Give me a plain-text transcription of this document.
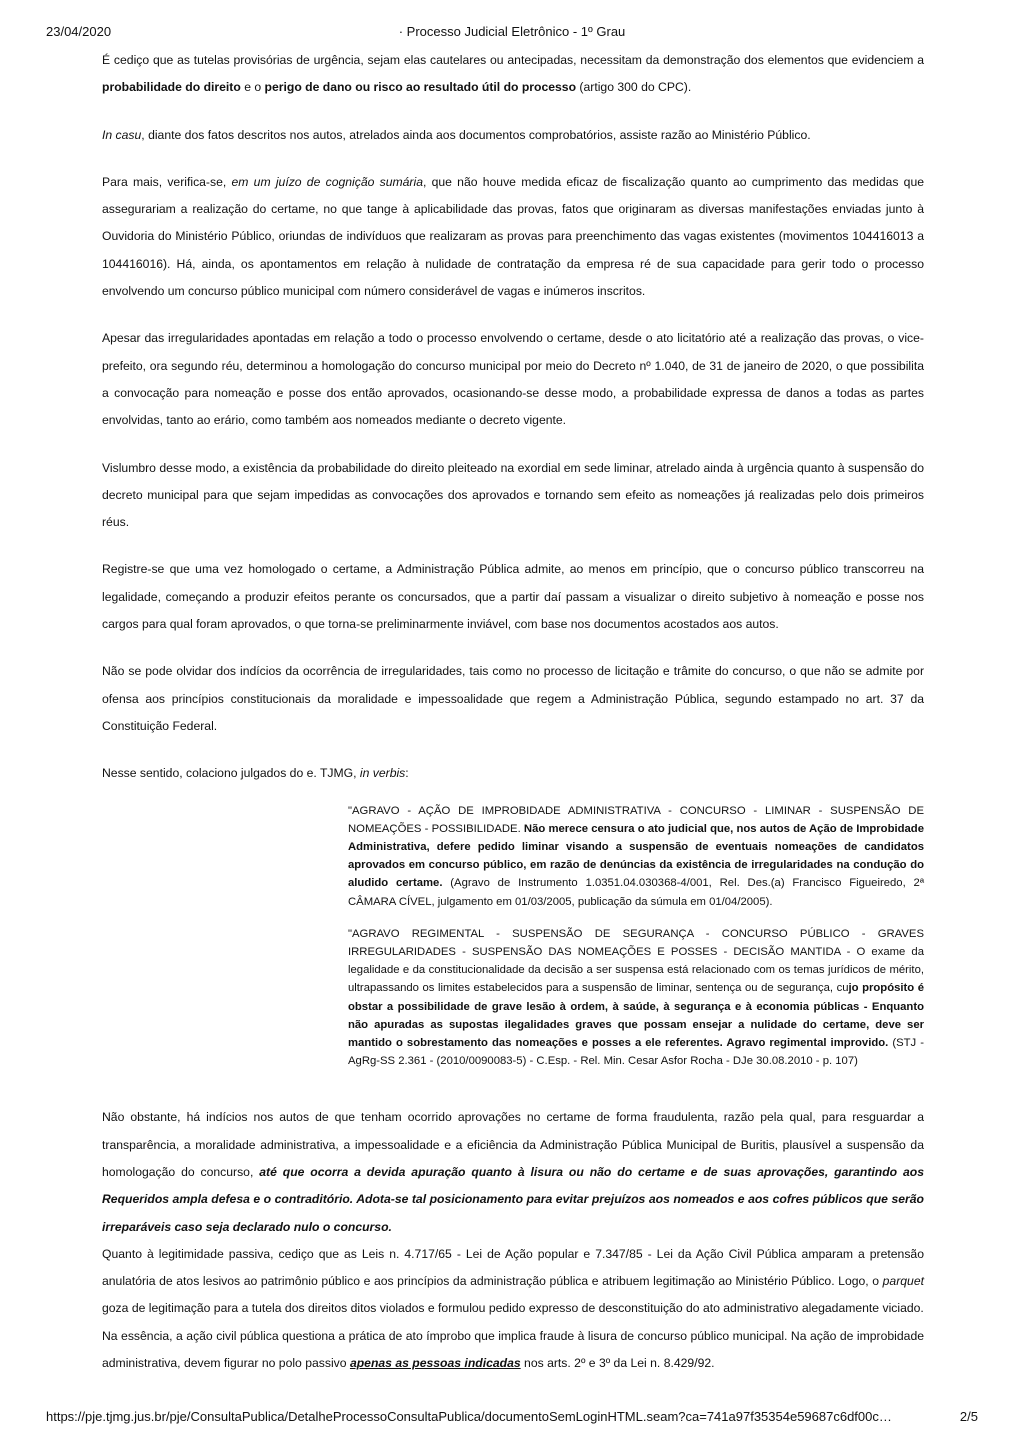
23/04/2020	· Processo Judicial Eletrônico - 1º Grau

É cediço que as tutelas provisórias de urgência, sejam elas cautelares ou antecipadas, necessitam da demonstração dos elementos que evidenciem a probabilidade do direito e o perigo de dano ou risco ao resultado útil do processo (artigo 300 do CPC).

In casu, diante dos fatos descritos nos autos, atrelados ainda aos documentos comprobatórios, assiste razão ao Ministério Público.

Para mais, verifica-se, em um juízo de cognição sumária, que não houve medida eficaz de fiscalização quanto ao cumprimento das medidas que assegurariam a realização do certame, no que tange à aplicabilidade das provas, fatos que originaram as diversas manifestações enviadas junto à Ouvidoria do Ministério Público, oriundas de indivíduos que realizaram as provas para preenchimento das vagas existentes (movimentos 104416013 a 104416016). Há, ainda, os apontamentos em relação à nulidade de contratação da empresa ré de sua capacidade para gerir todo o processo envolvendo um concurso público municipal com número considerável de vagas e inúmeros inscritos.

Apesar das irregularidades apontadas em relação a todo o processo envolvendo o certame, desde o ato licitatório até a realização das provas, o vice-prefeito, ora segundo réu, determinou a homologação do concurso municipal por meio do Decreto nº 1.040, de 31 de janeiro de 2020, o que possibilita a convocação para nomeação e posse dos então aprovados, ocasionando-se desse modo, a probabilidade expressa de danos a todas as partes envolvidas, tanto ao erário, como também aos nomeados mediante o decreto vigente.

Vislumbro desse modo, a existência da probabilidade do direito pleiteado na exordial em sede liminar, atrelado ainda à urgência quanto à suspensão do decreto municipal para que sejam impedidas as convocações dos aprovados e tornando sem efeito as nomeações já realizadas pelo dois primeiros réus.

Registre-se que uma vez homologado o certame, a Administração Pública admite, ao menos em princípio, que o concurso público transcorreu na legalidade, começando a produzir efeitos perante os concursados, que a partir daí passam a visualizar o direito subjetivo à nomeação e posse nos cargos para qual foram aprovados, o que torna-se preliminarmente inviável, com base nos documentos acostados aos autos.

Não se pode olvidar dos indícios da ocorrência de irregularidades, tais como no processo de licitação e trâmite do concurso, o que não se admite por ofensa aos princípios constitucionais da moralidade e impessoalidade que regem a Administração Pública, segundo estampado no art. 37 da Constituição Federal.

Nesse sentido, colaciono julgados do e. TJMG, in verbis:

"AGRAVO - AÇÃO DE IMPROBIDADE ADMINISTRATIVA - CONCURSO - LIMINAR - SUSPENSÃO DE NOMEAÇÕES - POSSIBILIDADE. Não merece censura o ato judicial que, nos autos de Ação de Improbidade Administrativa, defere pedido liminar visando a suspensão de eventuais nomeações de candidatos aprovados em concurso público, em razão de denúncias da existência de irregularidades na condução do aludido certame. (Agravo de Instrumento 1.0351.04.030368-4/001, Rel. Des.(a) Francisco Figueiredo, 2ª CÂMARA CÍVEL, julgamento em 01/03/2005, publicação da súmula em 01/04/2005).
"AGRAVO REGIMENTAL - SUSPENSÃO DE SEGURANÇA - CONCURSO PÚBLICO - GRAVES IRREGULARIDADES - SUSPENSÃO DAS NOMEAÇÕES E POSSES - DECISÃO MANTIDA - O exame da legalidade e da constitucionalidade da decisão a ser suspensa está relacionado com os temas jurídicos de mérito, ultrapassando os limites estabelecidos para a suspensão de liminar, sentença ou de segurança, cujo propósito é obstar a possibilidade de grave lesão à ordem, à saúde, à segurança e à economia públicas - Enquanto não apuradas as supostas ilegalidades graves que possam ensejar a nulidade do certame, deve ser mantido o sobrestamento das nomeações e posses a ele referentes. Agravo regimental improvido. (STJ - AgRg-SS 2.361 - (2010/0090083-5) - C.Esp. - Rel. Min. Cesar Asfor Rocha - DJe 30.08.2010 - p. 107)

Não obstante, há indícios nos autos de que tenham ocorrido aprovações no certame de forma fraudulenta, razão pela qual, para resguardar a transparência, a moralidade administrativa, a impessoalidade e a eficiência da Administração Pública Municipal de Buritis, plausível a suspensão da homologação do concurso, até que ocorra a devida apuração quanto à lisura ou não do certame e de suas aprovações, garantindo aos Requeridos ampla defesa e o contraditório. Adota-se tal posicionamento para evitar prejuízos aos nomeados e aos cofres públicos que serão irreparáveis caso seja declarado nulo o concurso.

Quanto à legitimidade passiva, cediço que as Leis n. 4.717/65 - Lei de Ação popular e 7.347/85 - Lei da Ação Civil Pública amparam a pretensão anulatória de atos lesivos ao patrimônio público e aos princípios da administração pública e atribuem legitimação ao Ministério Público. Logo, o parquet goza de legitimação para a tutela dos direitos ditos violados e formulou pedido expresso de desconstituição do ato administrativo alegadamente viciado.

Na essência, a ação civil pública questiona a prática de ato ímprobo que implica fraude à lisura de concurso público municipal. Na ação de improbidade administrativa, devem figurar no polo passivo apenas as pessoas indicadas nos arts. 2º e 3º da Lei n. 8.429/92.

https://pje.tjmg.jus.br/pje/ConsultaPublica/DetalheProcessoConsultaPublica/documentoSemLoginHTML.seam?ca=741a97f35354e59687c6df00c…	2/5
